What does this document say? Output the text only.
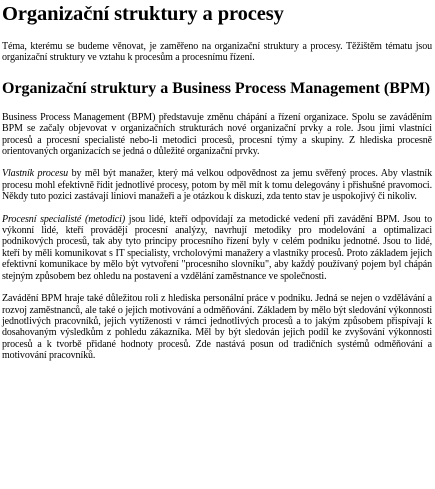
Organizační struktury a procesy

Téma, kterému se budeme věnovat, je zaměřeno na organizační struktury a procesy. Těžištěm tématu jsou organizační struktury ve vztahu k procesům a procesnímu řízení.

Organizační struktury a Business Process Management (BPM)

Business Process Management (BPM) představuje změnu chápání a řízení organizace. Spolu se zaváděním BPM se začaly objevovat v organizačních strukturách nové organizační prvky a role. Jsou jimi vlastníci procesů a procesní specialisté nebo-li metodici procesů, procesní týmy a skupiny. Z hlediska procesně orientovaných organizacích se jedná o důležité organizační prvky.

Vlastník procesu by měl být manažer, který má velkou odpovědnost za jemu svěřený proces. Aby vlastník procesu mohl efektivně řídit jednotlivé procesy, potom by měl mít k tomu delegovány i přishušné pravomoci. Někdy tuto pozici zastávají liniovi manažeři a je otázkou k diskuzi, zda tento stav je uspokojivý či nikoliv.

Procesní specialisté (metodici) jsou lidé, kteří odpovídají za metodické vedení při zavádění BPM. Jsou to výkonní lidé, kteří provádějí procesní analýzy, navrhují metodiky pro modelování a optimalizaci podnikových procesů, tak aby tyto principy procesního řízení byly v celém podniku jednotné. Jsou to lidé, kteří by měli komunikovat s IT specialisty, vrcholovými manažery a vlastníky procesů. Proto základem jejich efektivní komunikace by mělo být vytvoření "procesního slovníku", aby každý používaný pojem byl chápán stejným způsobem bez ohledu na postavení a vzdělání zaměstnance ve společnosti.

Zavádění BPM hraje také důležitou roli z hlediska personální práce v podniku. Jedná se nejen o vzdělávání a rozvoj zaměstnanců, ale také o jejich motivování a odměňování. Základem by mělo být sledování výkonnosti jednotlivých pracovníků, jejich vytíženosti v rámci jednotlivých procesů a to jakým způsobem přispívají k dosahovaným výsledkům z pohledu zákazníka. Měl by být sledován jejich podíl ke zvyšování výkonnosti procesů a k tvorbě přidané hodnoty procesů. Zde nastává posun od tradičních systémů odměňování a motivování pracovníků.
